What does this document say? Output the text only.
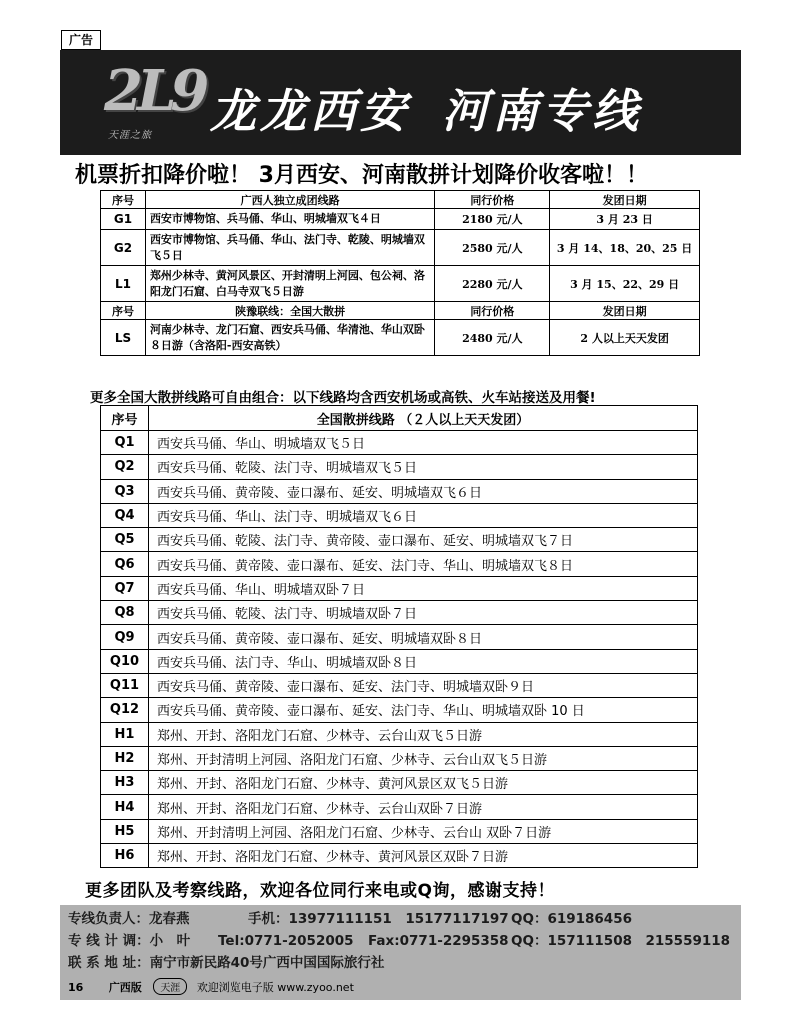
广告
2L9
天涯之旅 龙龙西安 河南专线
机票折扣降价啦！ 3月西安、河南散拼计划降价收客啦！！
序号	广西人独立成团线路	同行价格	发团日期
G1	西安市博物馆、兵马俑、华山、明城墙双飞４日	2180 元/人	3 月 23 日
G2	西安市博物馆、兵马俑、华山、法门寺、乾陵、明城墙双飞５日	2580 元/人	3 月 14、18、20、25 日
L1	郑州少林寺、黄河风景区、开封清明上河园、包公祠、洛阳龙门石窟、白马寺双飞５日游	2280 元/人	3 月 15、22、29 日
序号	陕豫联线：全国大散拼	同行价格	发团日期
LS	河南少林寺、龙门石窟、西安兵马俑、华清池、华山双卧８日游（含洛阳-西安高铁）	2480 元/人	2 人以上天天发团
更多全国大散拼线路可自由组合：以下线路均含西安机场或高铁、火车站接送及用餐!
序号	全国散拼线路 （２人以上天天发团）
Q1	西安兵马俑、华山、明城墙双飞５日
Q2	西安兵马俑、乾陵、法门寺、明城墙双飞５日
Q3	西安兵马俑、黄帝陵、壶口瀑布、延安、明城墙双飞６日
Q4	西安兵马俑、华山、法门寺、明城墙双飞６日
Q5	西安兵马俑、乾陵、法门寺、黄帝陵、壶口瀑布、延安、明城墙双飞７日
Q6	西安兵马俑、黄帝陵、壶口瀑布、延安、法门寺、华山、明城墙双飞８日
Q7	西安兵马俑、华山、明城墙双卧７日
Q8	西安兵马俑、乾陵、法门寺、明城墙双卧７日
Q9	西安兵马俑、黄帝陵、壶口瀑布、延安、明城墙双卧８日
Q10	西安兵马俑、法门寺、华山、明城墙双卧８日
Q11	西安兵马俑、黄帝陵、壶口瀑布、延安、法门寺、明城墙双卧９日
Q12	西安兵马俑、黄帝陵、壶口瀑布、延安、法门寺、华山、明城墙双卧 10 日
H1	郑州、开封、洛阳龙门石窟、少林寺、云台山双飞５日游
H2	郑州、开封清明上河园、洛阳龙门石窟、少林寺、云台山双飞５日游
H3	郑州、开封、洛阳龙门石窟、少林寺、黄河风景区双飞５日游
H4	郑州、开封、洛阳龙门石窟、少林寺、云台山双卧７日游
H5	郑州、开封清明上河园、洛阳龙门石窟、少林寺、云台山 双卧７日游
H6	郑州、开封、洛阳龙门石窟、少林寺、黄河风景区双卧７日游
更多团队及考察线路，欢迎各位同行来电或Q询，感谢支持！
专线负责人：龙春燕	手机：13977111151　15177117197 QQ：619186456
专 线 计 调：小　叶 Tel:0771-2052005 Fax:0771-2295358 QQ：157111508　215559118
联 系 地 址：南宁市新民路40号广西中国国际旅行社
16 广西版 天涯 欢迎浏览电子版 www.zyoo.net
